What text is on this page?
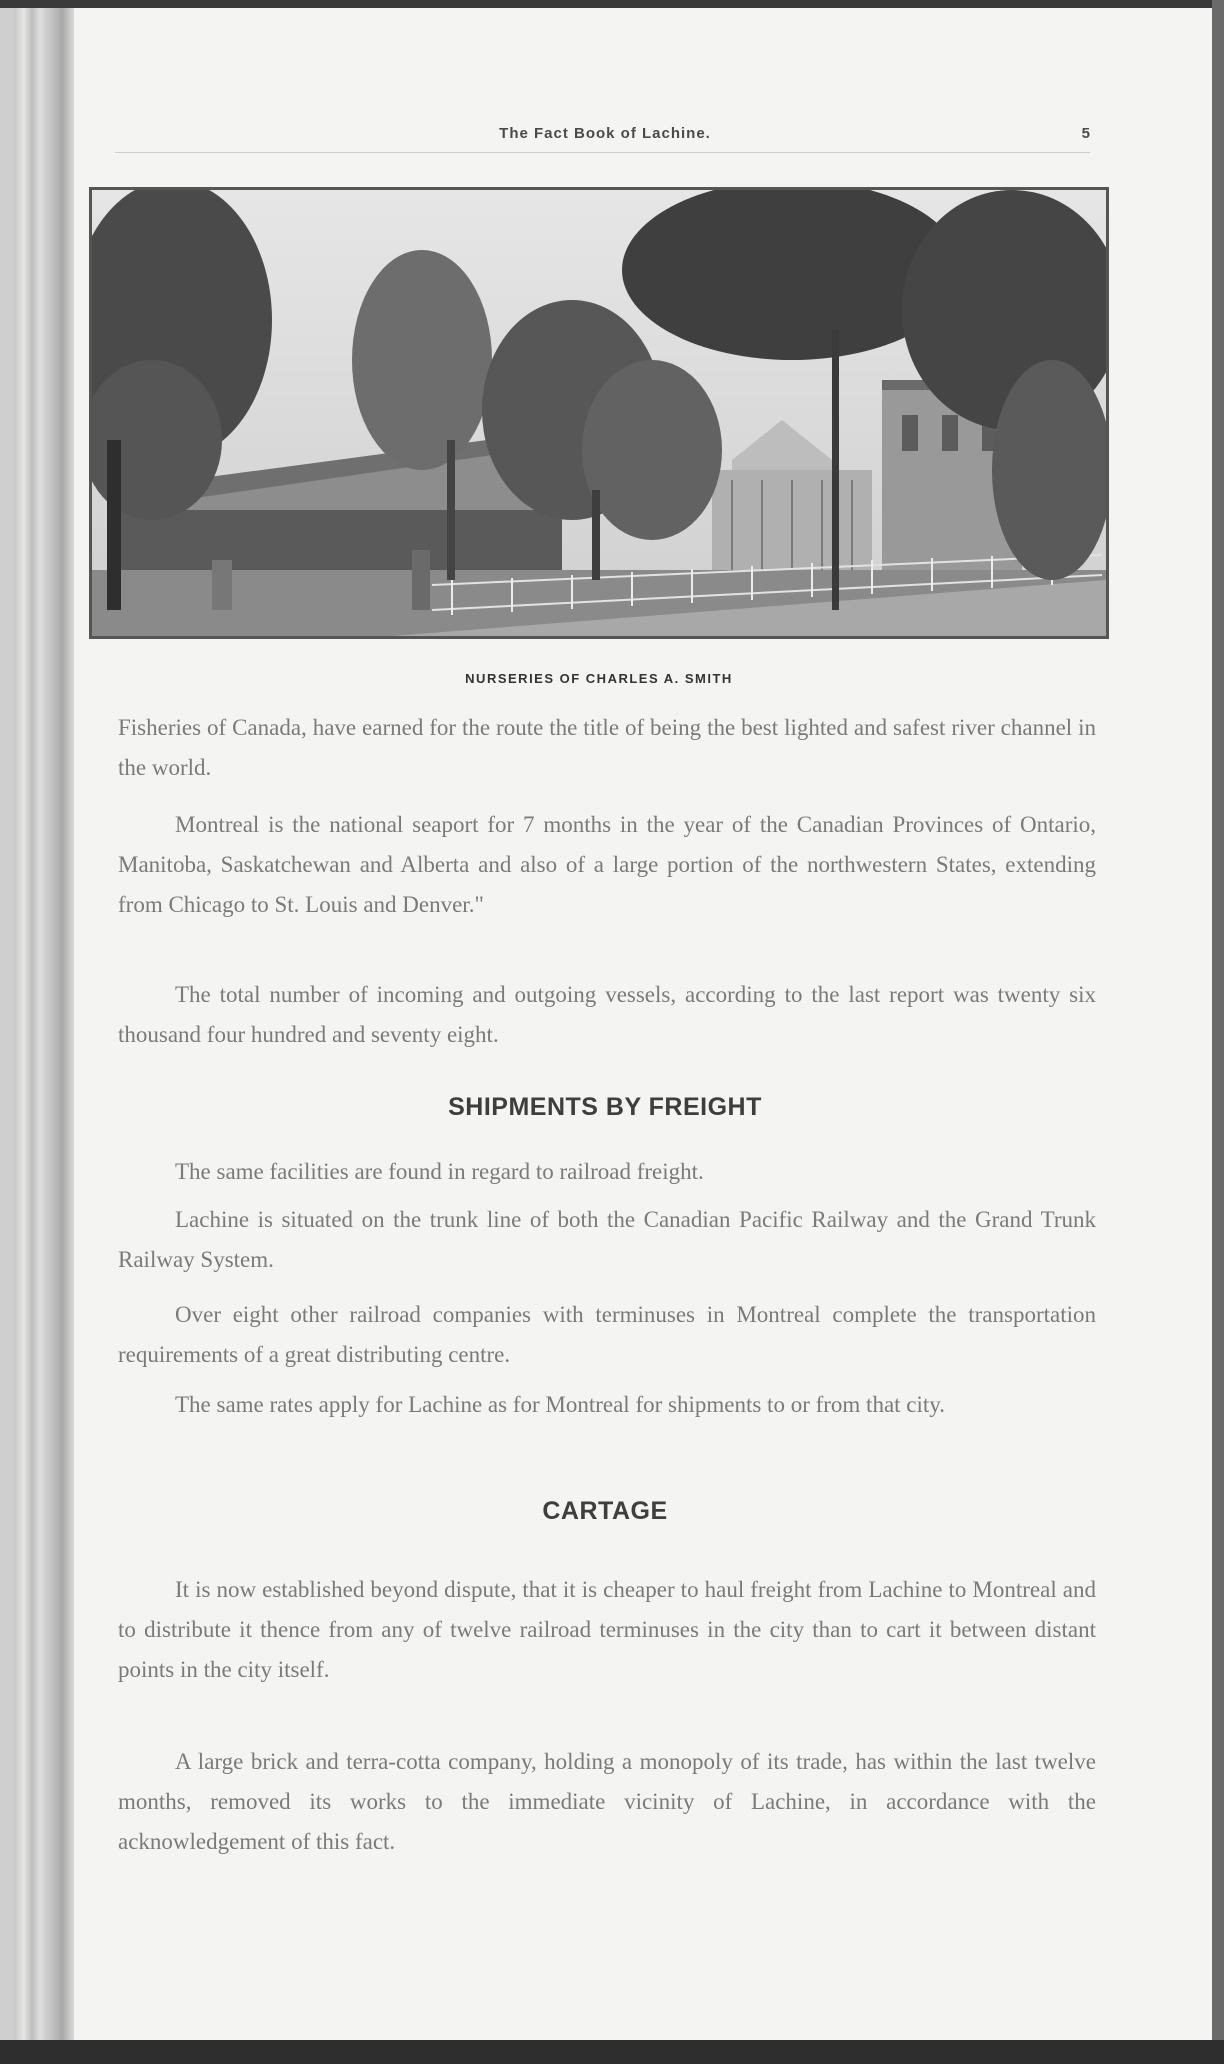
The Fact Book of Lachine.	5
NURSERIES OF CHARLES A. SMITH

Fisheries of Canada, have earned for the route the title of being the best lighted and safest river channel in the world.

Montreal is the national seaport for 7 months in the year of the Canadian Provinces of Ontario, Manitoba, Saskatchewan and Alberta and also of a large portion of the northwestern States, extending from Chicago to St. Louis and Denver."

The total number of incoming and outgoing vessels, according to the last report was twenty six thousand four hundred and seventy eight.

SHIPMENTS BY FREIGHT

The same facilities are found in regard to railroad freight.

Lachine is situated on the trunk line of both the Canadian Pacific Railway and the Grand Trunk Railway System.

Over eight other railroad companies with terminuses in Montreal complete the transportation requirements of a great distributing centre.

The same rates apply for Lachine as for Montreal for shipments to or from that city.

CARTAGE

It is now established beyond dispute, that it is cheaper to haul freight from Lachine to Montreal and to distribute it thence from any of twelve railroad terminuses in the city than to cart it between distant points in the city itself.

A large brick and terra-cotta company, holding a monopoly of its trade, has within the last twelve months, removed its works to the immediate vicinity of Lachine, in accordance with the acknowledgement of this fact.
